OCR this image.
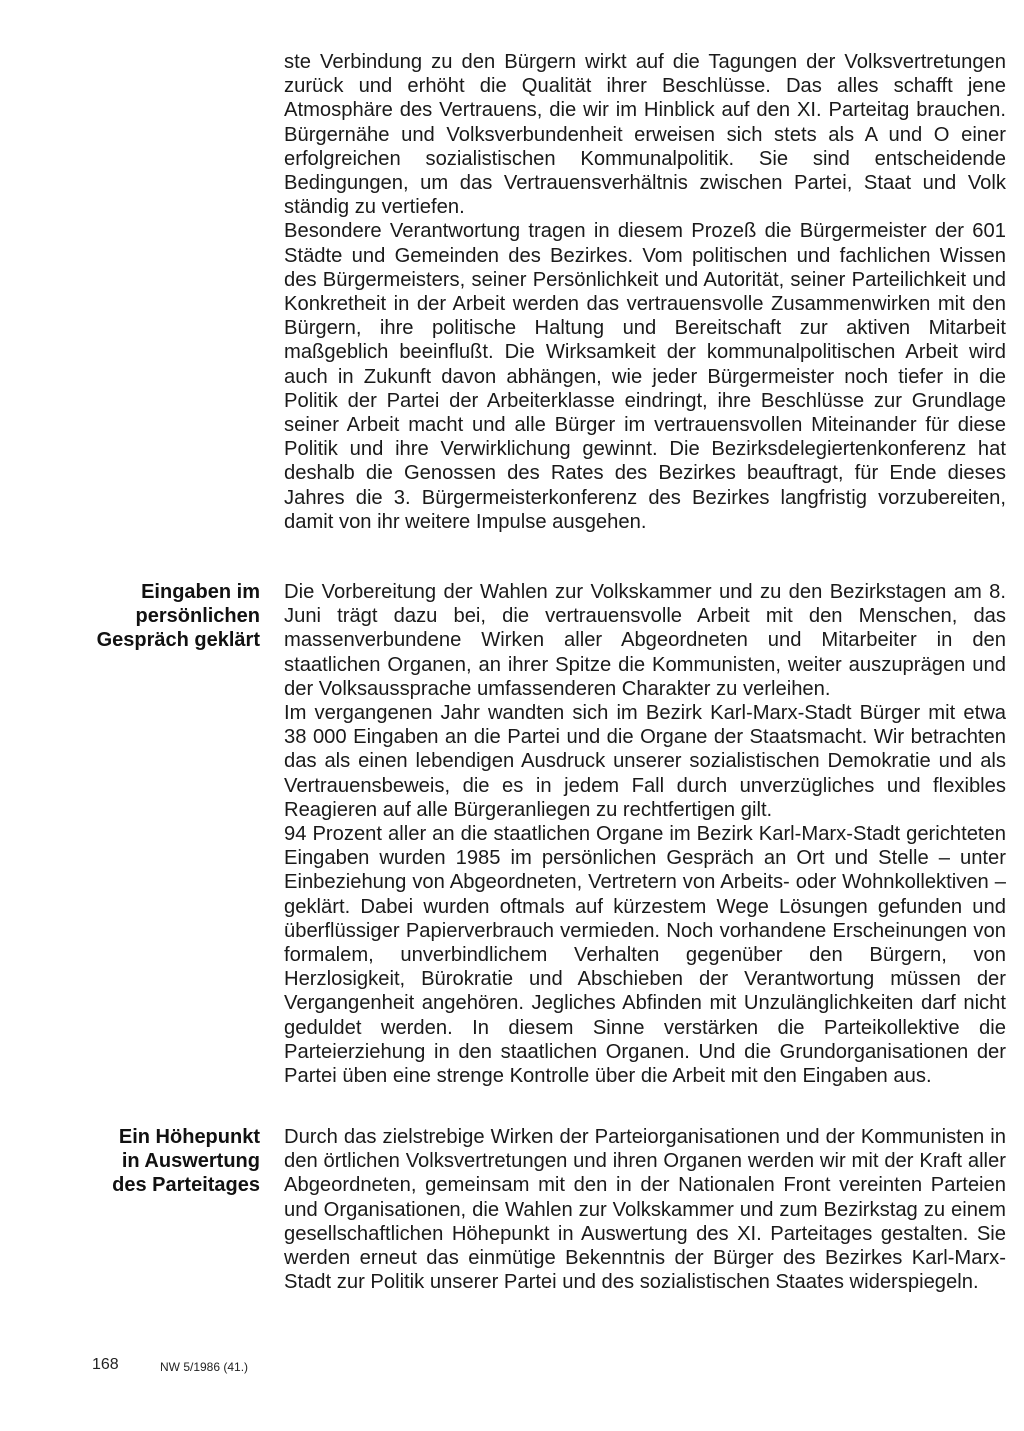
ste Verbindung zu den Bürgern wirkt auf die Tagungen der Volksvertretungen zurück und erhöht die Qualität ihrer Beschlüsse. Das alles schafft jene Atmosphäre des Vertrauens, die wir im Hinblick auf den XI. Parteitag brauchen. Bürgernähe und Volksverbundenheit erweisen sich stets als A und O einer erfolgreichen sozialistischen Kommunalpolitik. Sie sind entscheidende Bedingungen, um das Vertrauensverhältnis zwischen Partei, Staat und Volk ständig zu vertiefen.

Besondere Verantwortung tragen in diesem Prozeß die Bürgermeister der 601 Städte und Gemeinden des Bezirkes. Vom politischen und fachlichen Wissen des Bürgermeisters, seiner Persönlichkeit und Autorität, seiner Parteilichkeit und Konkretheit in der Arbeit werden das vertrauensvolle Zusammenwirken mit den Bürgern, ihre politische Haltung und Bereitschaft zur aktiven Mitarbeit maßgeblich beeinflußt. Die Wirksamkeit der kommunalpolitischen Arbeit wird auch in Zukunft davon abhängen, wie jeder Bürgermeister noch tiefer in die Politik der Partei der Arbeiterklasse eindringt, ihre Beschlüsse zur Grundlage seiner Arbeit macht und alle Bürger im vertrauensvollen Miteinander für diese Politik und ihre Verwirklichung gewinnt. Die Bezirksdelegiertenkonferenz hat deshalb die Genossen des Rates des Bezirkes beauftragt, für Ende dieses Jahres die 3. Bürgermeisterkonferenz des Bezirkes langfristig vorzubereiten, damit von ihr weitere Impulse ausgehen.

Eingaben im
persönlichen
Gespräch geklärt

Die Vorbereitung der Wahlen zur Volkskammer und zu den Bezirkstagen am 8. Juni trägt dazu bei, die vertrauensvolle Arbeit mit den Menschen, das massenverbundene Wirken aller Abgeordneten und Mitarbeiter in den staatlichen Organen, an ihrer Spitze die Kommunisten, weiter auszuprägen und der Volksaussprache umfassenderen Charakter zu verleihen.

Im vergangenen Jahr wandten sich im Bezirk Karl-Marx-Stadt Bürger mit etwa 38 000 Eingaben an die Partei und die Organe der Staatsmacht. Wir betrachten das als einen lebendigen Ausdruck unserer sozialistischen Demokratie und als Vertrauensbeweis, die es in jedem Fall durch unverzügliches und flexibles Reagieren auf alle Bürgeranliegen zu rechtfertigen gilt.

94 Prozent aller an die staatlichen Organe im Bezirk Karl-Marx-Stadt gerichteten Eingaben wurden 1985 im persönlichen Gespräch an Ort und Stelle – unter Einbeziehung von Abgeordneten, Vertretern von Arbeits- oder Wohnkollektiven – geklärt. Dabei wurden oftmals auf kürzestem Wege Lösungen gefunden und überflüssiger Papierverbrauch vermieden. Noch vorhandene Erscheinungen von formalem, unverbindlichem Verhalten gegenüber den Bürgern, von Herzlosigkeit, Bürokratie und Abschieben der Verantwortung müssen der Vergangenheit angehören. Jegliches Abfinden mit Unzulänglichkeiten darf nicht geduldet werden. In diesem Sinne verstärken die Parteikollektive die Parteierziehung in den staatlichen Organen. Und die Grundorganisationen der Partei üben eine strenge Kontrolle über die Arbeit mit den Eingaben aus.

Ein Höhepunkt
in Auswertung
des Parteitages

Durch das zielstrebige Wirken der Parteiorganisationen und der Kommunisten in den örtlichen Volksvertretungen und ihren Organen werden wir mit der Kraft aller Abgeordneten, gemeinsam mit den in der Nationalen Front vereinten Parteien und Organisationen, die Wahlen zur Volkskammer und zum Bezirkstag zu einem gesellschaftlichen Höhepunkt in Auswertung des XI. Parteitages gestalten. Sie werden erneut das einmütige Bekenntnis der Bürger des Bezirkes Karl-Marx-Stadt zur Politik unserer Partei und des sozialistischen Staates widerspiegeln.

168	NW 5/1986 (41.)
